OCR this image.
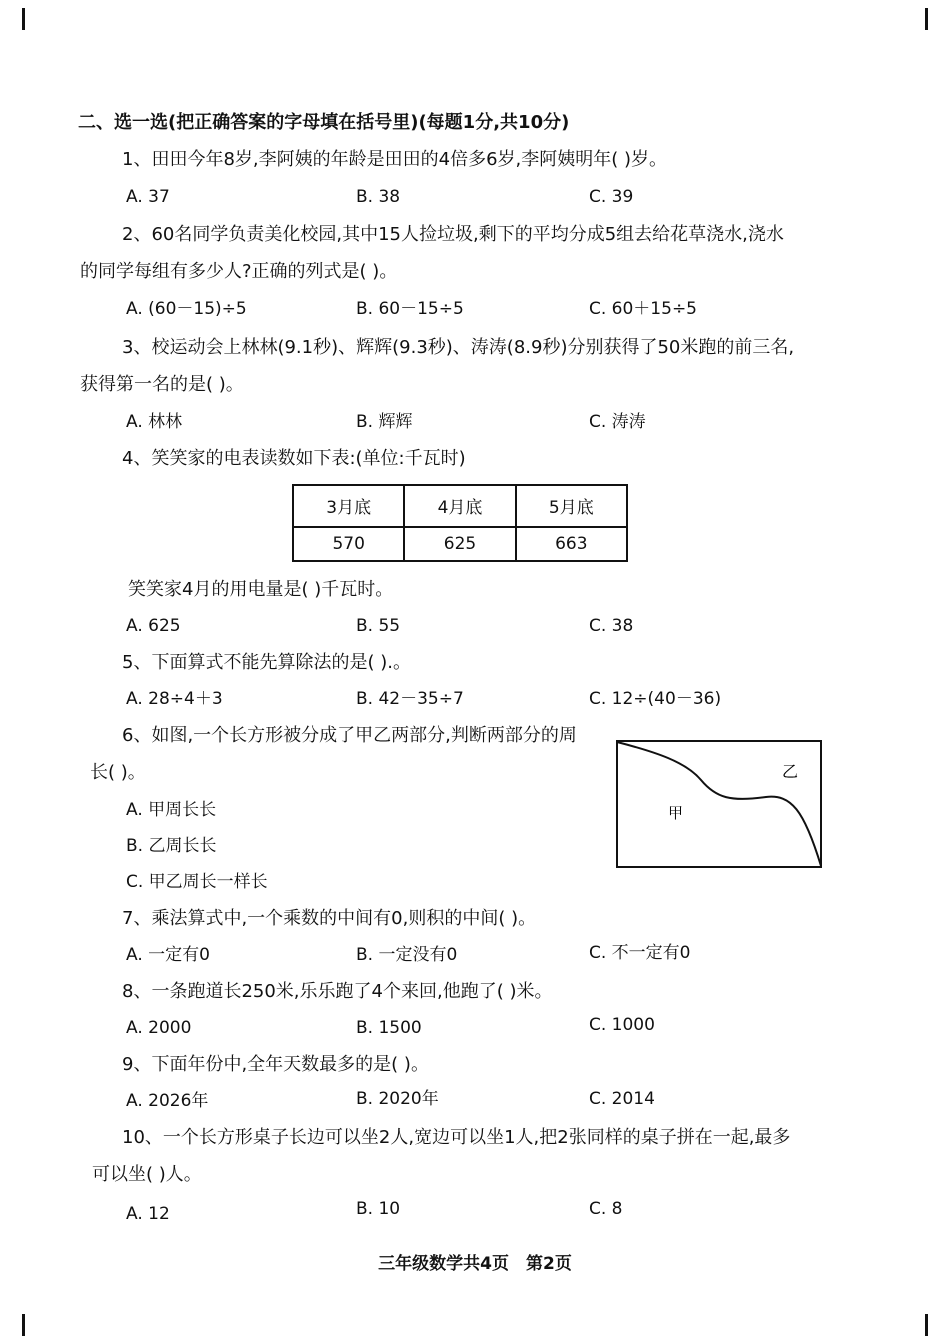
二、选一选(把正确答案的字母填在括号里)(每题1分,共10分)
1、田田今年8岁,李阿姨的年龄是田田的4倍多6岁,李阿姨明年( )岁。
A. 37	B. 38	C. 39
2、60名同学负责美化校园,其中15人捡垃圾,剩下的平均分成5组去给花草浇水,浇水
的同学每组有多少人?正确的列式是( )。
A. (60－15)÷5	B. 60－15÷5	C. 60＋15÷5
3、校运动会上林林(9.1秒)、辉辉(9.3秒)、涛涛(8.9秒)分别获得了50米跑的前三名,
获得第一名的是( )。
A. 林林	B. 辉辉	C. 涛涛
4、笑笑家的电表读数如下表:(单位:千瓦时)
3月底	4月底	5月底
570	625	663
笑笑家4月的用电量是( )千瓦时。
A. 625	B. 55	C. 38
5、下面算式不能先算除法的是( ).。
A. 28÷4＋3	B. 42－35÷7	C. 12÷(40－36)
6、如图,一个长方形被分成了甲乙两部分,判断两部分的周
长( )。
A. 甲周长长
B. 乙周长长
C. 甲乙周长一样长
甲
乙
7、乘法算式中,一个乘数的中间有0,则积的中间( )。
A. 一定有0	B. 一定没有0	C. 不一定有0
8、一条跑道长250米,乐乐跑了4个来回,他跑了( )米。
A. 2000	B. 1500	C. 1000
9、下面年份中,全年天数最多的是( )。
A. 2026年	B. 2020年	C. 2014
10、一个长方形桌子长边可以坐2人,宽边可以坐1人,把2张同样的桌子拼在一起,最多
可以坐( )人。
A. 12	B. 10	C. 8
三年级数学共4页　第2页
